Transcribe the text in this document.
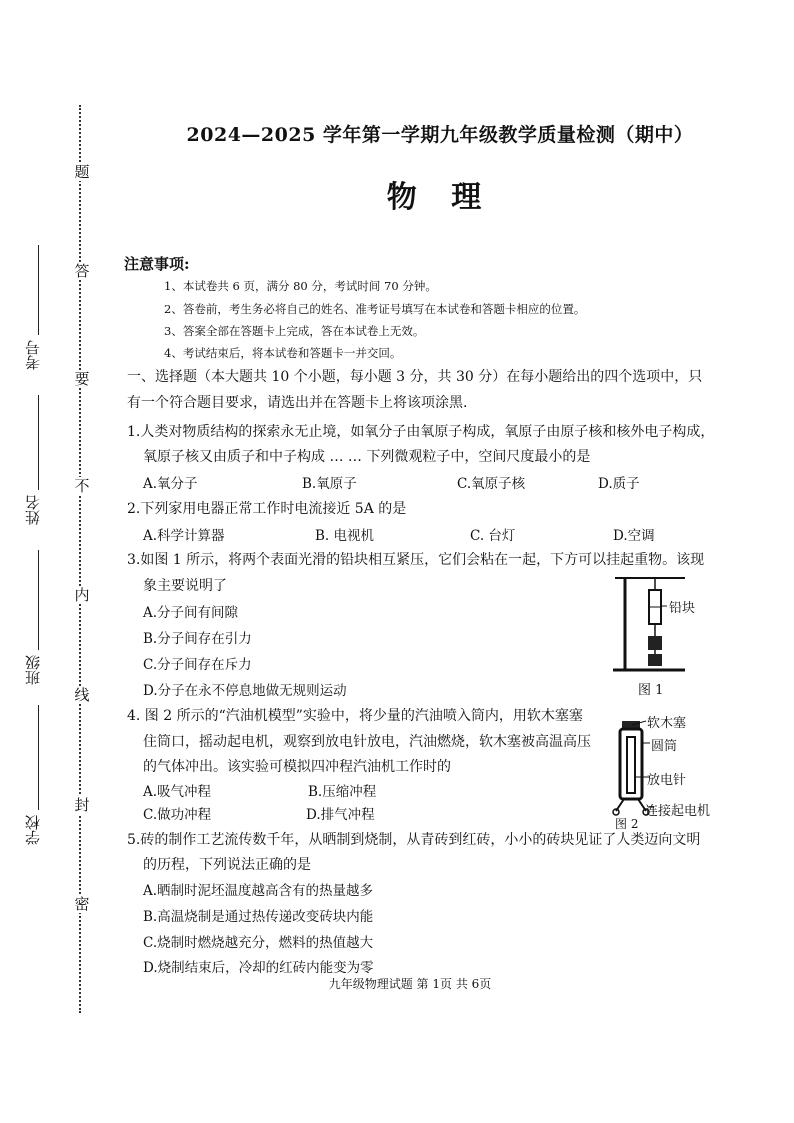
题
答
要
不
内
线
封
密
考号
姓名
班级
学校
2024—2025 学年第一学期九年级教学质量检测（期中）
物 理
注意事项:
1、本试卷共 6 页，满分 80 分，考试时间 70 分钟。
2、答卷前，考生务必将自己的姓名、准考证号填写在本试卷和答题卡相应的位置。
3、答案全部在答题卡上完成，答在本试卷上无效。
4、考试结束后，将本试卷和答题卡一并交回。
一、选择题（本大题共 10 个小题，每小题 3 分，共 30 分）在每小题给出的四个选项中，只
有一个符合题目要求，请选出并在答题卡上将该项涂黑.
1.人类对物质结构的探索永无止境，如氧分子由氧原子构成，氧原子由原子核和核外电子构成，
氧原子核又由质子和中子构成 … … 下列微观粒子中，空间尺度最小的是
A.氧分子	B.氧原子	C.氧原子核	D.质子
2.下列家用电器正常工作时电流接近 5A 的是
A.科学计算器	B. 电视机	C. 台灯	D.空调
3.如图 1 所示，将两个表面光滑的铅块相互紧压，它们会粘在一起，下方可以挂起重物。该现
象主要说明了
A.分子间有间隙
B.分子间存在引力
C.分子间存在斥力
D.分子在永不停息地做无规则运动
铅块
图 1
4. 图 2 所示的“汽油机模型”实验中，将少量的汽油喷入筒内，用软木塞塞
住筒口，摇动起电机，观察到放电针放电，汽油燃烧，软木塞被高温高压
的气体冲出。该实验可模拟四冲程汽油机工作时的
A.吸气冲程	B.压缩冲程
C.做功冲程	D.排气冲程
软木塞
圆筒
放电针
连接起电机
图 2
5.砖的制作工艺流传数千年，从晒制到烧制，从青砖到红砖，小小的砖块见证了人类迈向文明
的历程，下列说法正确的是
A.晒制时泥坯温度越高含有的热量越多
B.高温烧制是通过热传递改变砖块内能
C.烧制时燃烧越充分，燃料的热值越大
D.烧制结束后，冷却的红砖内能变为零
九年级物理试题 第 1页 共 6页
